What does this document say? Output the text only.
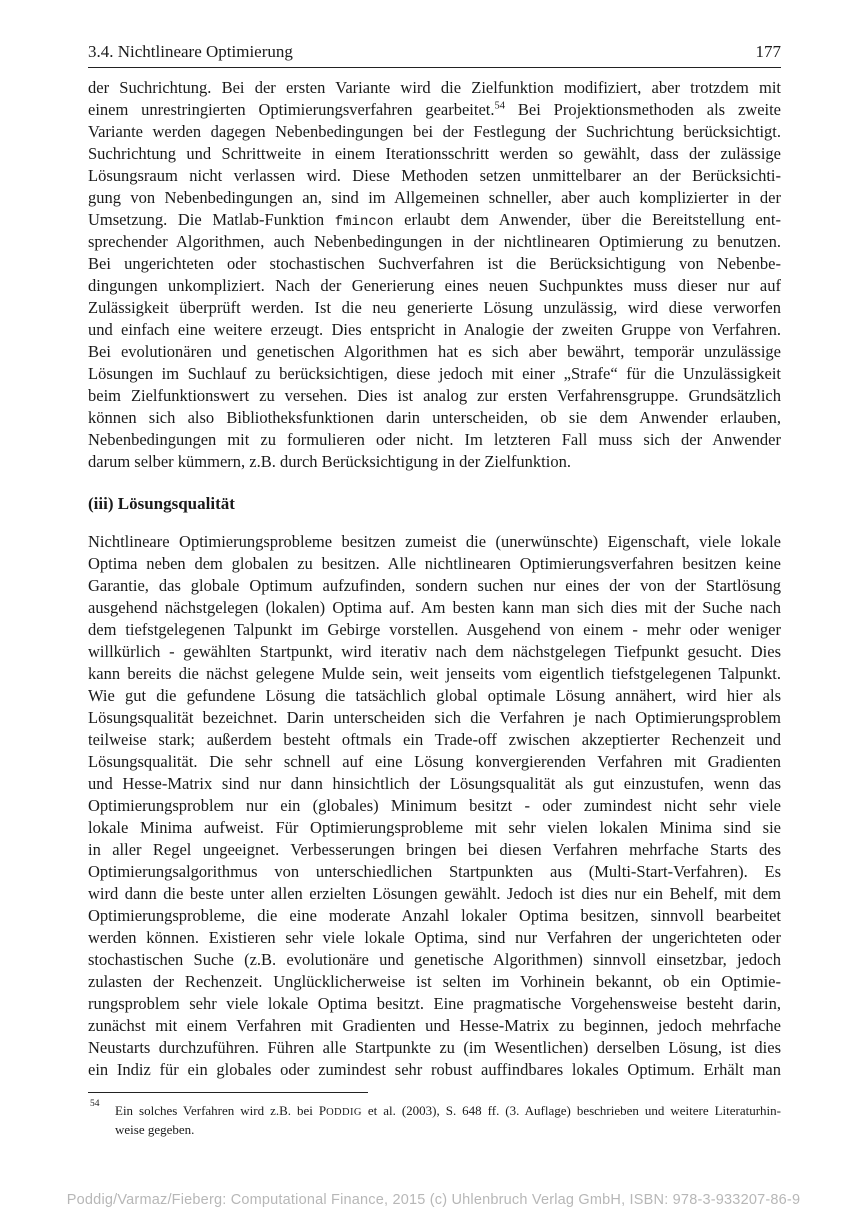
3.4. Nichtlineare Optimierung	177
der Suchrichtung. Bei der ersten Variante wird die Zielfunktion modifiziert, aber trotzdem mit
einem unrestringierten Optimierungsverfahren gearbeitet.$^{54}$ Bei Projektionsmethoden als zweite
Variante werden dagegen Nebenbedingungen bei der Festlegung der Suchrichtung berücksichtigt.
Suchrichtung und Schrittweite in einem Iterationsschritt werden so gewählt, dass der zulässige
Lösungsraum nicht verlassen wird. Diese Methoden setzen unmittelbarer an der Berücksichti-
gung von Nebenbedingungen an, sind im Allgemeinen schneller, aber auch komplizierter in der
Umsetzung. Die Matlab-Funktion fmincon erlaubt dem Anwender, über die Bereitstellung ent-
sprechender Algorithmen, auch Nebenbedingungen in der nichtlinearen Optimierung zu benutzen.
Bei ungerichteten oder stochastischen Suchverfahren ist die Berücksichtigung von Nebenbe-
dingungen unkompliziert. Nach der Generierung eines neuen Suchpunktes muss dieser nur auf
Zulässigkeit überprüft werden. Ist die neu generierte Lösung unzulässig, wird diese verworfen
und einfach eine weitere erzeugt. Dies entspricht in Analogie der zweiten Gruppe von Verfahren.
Bei evolutionären und genetischen Algorithmen hat es sich aber bewährt, temporär unzulässige
Lösungen im Suchlauf zu berücksichtigen, diese jedoch mit einer „Strafe“ für die Unzulässigkeit
beim Zielfunktionswert zu versehen. Dies ist analog zur ersten Verfahrensgruppe. Grundsätzlich
können sich also Bibliotheksfunktionen darin unterscheiden, ob sie dem Anwender erlauben,
Nebenbedingungen mit zu formulieren oder nicht. Im letzteren Fall muss sich der Anwender
darum selber kümmern, z.B. durch Berücksichtigung in der Zielfunktion.
(iii) Lösungsqualität
Nichtlineare Optimierungsprobleme besitzen zumeist die (unerwünschte) Eigenschaft, viele lokale
Optima neben dem globalen zu besitzen. Alle nichtlinearen Optimierungsverfahren besitzen keine
Garantie, das globale Optimum aufzufinden, sondern suchen nur eines der von der Startlösung
ausgehend nächstgelegen (lokalen) Optima auf. Am besten kann man sich dies mit der Suche nach
dem tiefstgelegenen Talpunkt im Gebirge vorstellen. Ausgehend von einem - mehr oder weniger
willkürlich - gewählten Startpunkt, wird iterativ nach dem nächstgelegen Tiefpunkt gesucht. Dies
kann bereits die nächst gelegene Mulde sein, weit jenseits vom eigentlich tiefstgelegenen Talpunkt.
Wie gut die gefundene Lösung die tatsächlich global optimale Lösung annähert, wird hier als
Lösungsqualität bezeichnet. Darin unterscheiden sich die Verfahren je nach Optimierungsproblem
teilweise stark; außerdem besteht oftmals ein Trade-off zwischen akzeptierter Rechenzeit und
Lösungsqualität. Die sehr schnell auf eine Lösung konvergierenden Verfahren mit Gradienten
und Hesse-Matrix sind nur dann hinsichtlich der Lösungsqualität als gut einzustufen, wenn das
Optimierungsproblem nur ein (globales) Minimum besitzt - oder zumindest nicht sehr viele
lokale Minima aufweist. Für Optimierungsprobleme mit sehr vielen lokalen Minima sind sie
in aller Regel ungeeignet. Verbesserungen bringen bei diesen Verfahren mehrfache Starts des
Optimierungsalgorithmus von unterschiedlichen Startpunkten aus (Multi-Start-Verfahren). Es
wird dann die beste unter allen erzielten Lösungen gewählt. Jedoch ist dies nur ein Behelf, mit dem
Optimierungsprobleme, die eine moderate Anzahl lokaler Optima besitzen, sinnvoll bearbeitet
werden können. Existieren sehr viele lokale Optima, sind nur Verfahren der ungerichteten oder
stochastischen Suche (z.B. evolutionäre und genetische Algorithmen) sinnvoll einsetzbar, jedoch
zulasten der Rechenzeit. Unglücklicherweise ist selten im Vorhinein bekannt, ob ein Optimie-
rungsproblem sehr viele lokale Optima besitzt. Eine pragmatische Vorgehensweise besteht darin,
zunächst mit einem Verfahren mit Gradienten und Hesse-Matrix zu beginnen, jedoch mehrfache
Neustarts durchzuführen. Führen alle Startpunkte zu (im Wesentlichen) derselben Lösung, ist dies
ein Indiz für ein globales oder zumindest sehr robust auffindbares lokales Optimum. Erhält man
54 Ein solches Verfahren wird z.B. bei PODDIG et al. (2003), S. 648 ff. (3. Auflage) beschrieben und weitere Literaturhin-
weise gegeben.
Poddig/Varmaz/Fieberg: Computational Finance, 2015 (c) Uhlenbruch Verlag GmbH, ISBN: 978-3-933207-86-9
